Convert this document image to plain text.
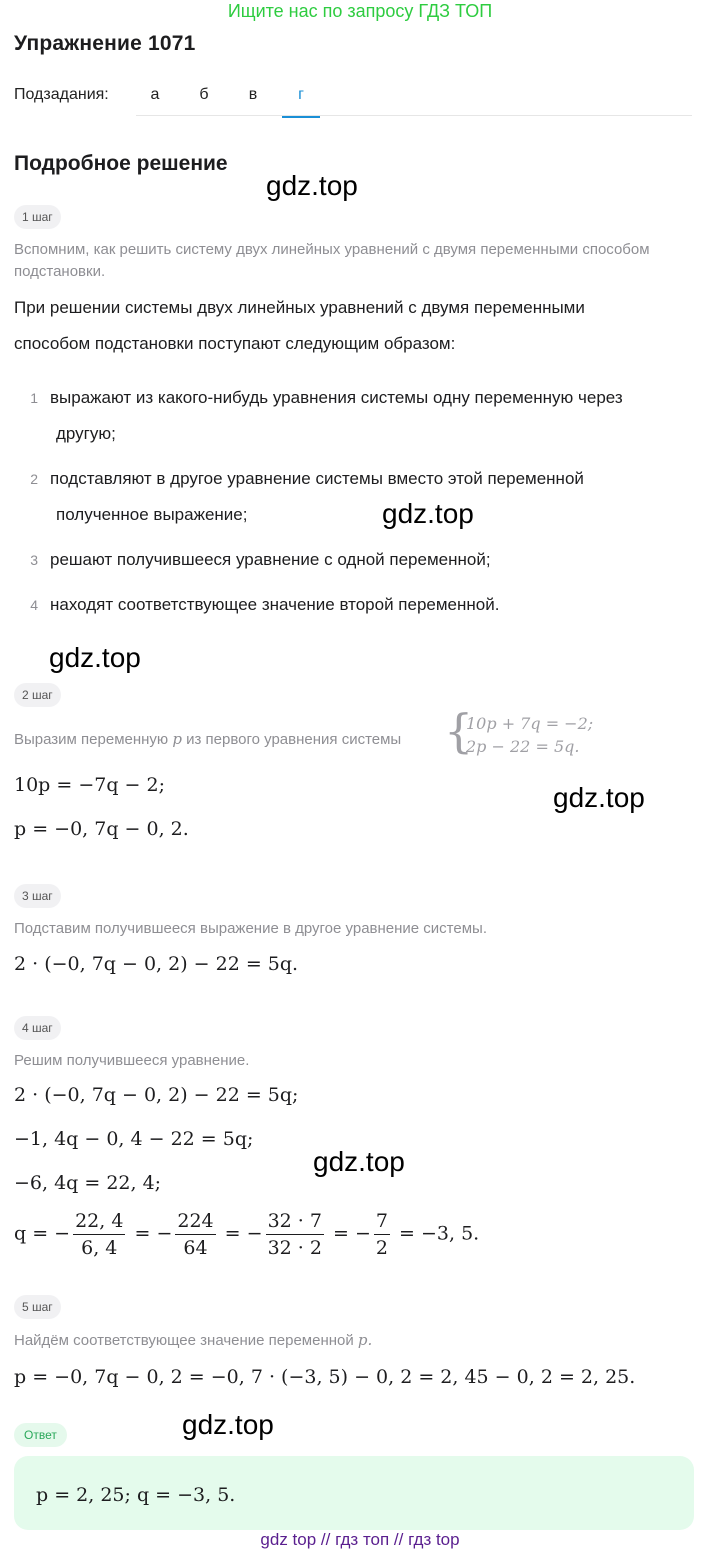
Ищите нас по запросу ГДЗ ТОП
Упражнение 1071
Подзадания:	а	б	в	г
Подробное решение
gdz.top
gdz.top
gdz.top
gdz.top
gdz.top
gdz.top
1 шаг
Вспомним, как решить систему двух линейных уравнений с двумя переменными способом подстановки.
При решении системы двух линейных уравнений с двумя переменными
способом подстановки поступают следующим образом:
1 выражают из какого-нибудь уравнения системы одну переменную через
другую;
2 подставляют в другое уравнение системы вместо этой переменной
полученное выражение;
3 решают получившееся уравнение с одной переменной;
4 находят соответствующее значение второй переменной.
2 шаг
Выразим переменную p из первого уравнения системы {
10p + 7q = −2;
2p − 22 = 5q.
10p = −7q − 2;
p = −0, 7q − 0, 2.
3 шаг
Подставим получившееся выражение в другое уравнение системы.
2 · (−0, 7q − 0, 2) − 22 = 5q.
4 шаг
Решим получившееся уравнение.
2 · (−0, 7q − 0, 2) − 22 = 5q;
−1, 4q − 0, 4 − 22 = 5q;
−6, 4q = 22, 4;
q = − $\frac{22, 4}{6, 4}$ = − $\frac{224}{64}$ = − $\frac{32 \cdot 7}{32 \cdot 2}$ = − $\frac{7}{2} = -3$, 5.
5 шаг
Найдём соответствующее значение переменной p.
p = −0, 7q − 0, 2 = −0, 7 · (−3, 5) − 0, 2 = 2, 45 − 0, 2 = 2, 25.
Ответ
p = 2, 25; q = −3, 5.
gdz top // гдз топ // гдз top
